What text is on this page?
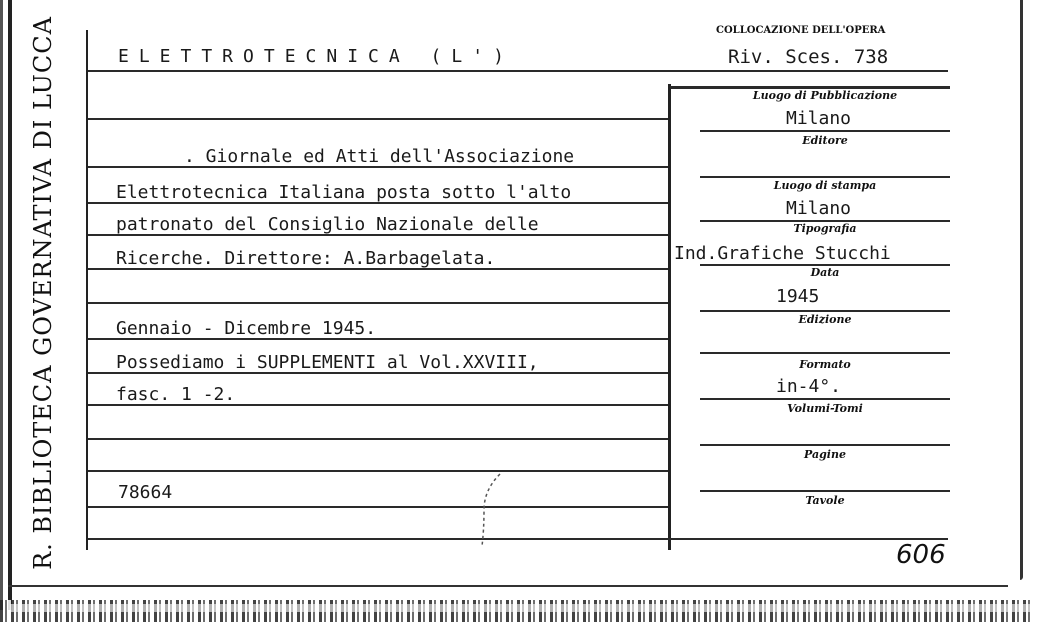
R. BIBLIOTECA GOVERNATIVA DI LUCCA	COLLOCAZIONE DELL'OPERA
Riv. Sces. 738
ELETTROTECNICA (L')
. Giornale ed Atti dell'Associazione
Elettrotecnica Italiana posta sotto l'alto
patronato del Consiglio Nazionale delle
Ricerche. Direttore: A.Barbagelata.
Gennaio - Dicembre 1945.
Possediamo i SUPPLEMENTI al Vol.XXVIII,
fasc. 1 -2.
78664
Luogo di Pubblicazione
Milano
Editore
Luogo di stampa
Milano
Tipografia
Ind.Grafiche Stucchi
Data
1945
Edizione
Formato
in-4°.
Volumi-Tomi
Pagine
Tavole
606
